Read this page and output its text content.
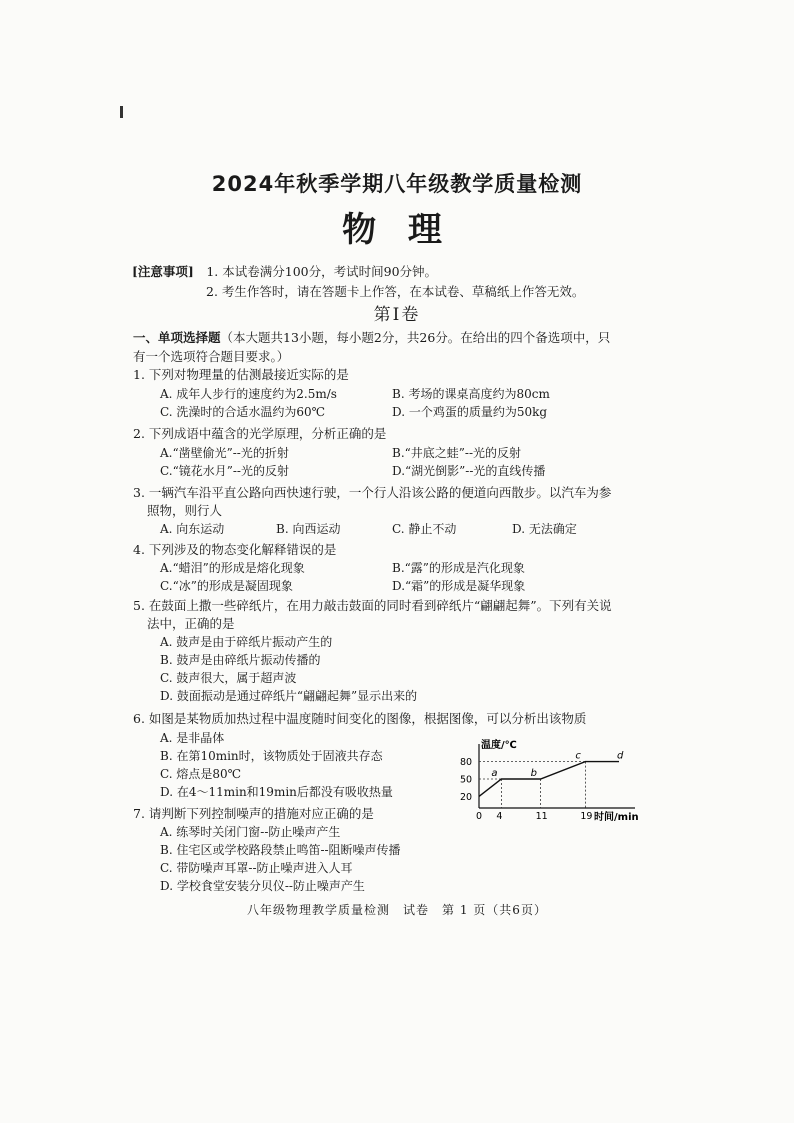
2024年秋季学期八年级教学质量检测
物 理
[注意事项]　 1. 本试卷满分100分，考试时间90分钟。
2. 考生作答时，请在答题卡上作答，在本试卷、草稿纸上作答无效。
第Ⅰ卷
一、单项选择题（本大题共13小题，每小题2分，共26分。在给出的四个备选项中，只
有一个选项符合题目要求。）
1. 下列对物理量的估测最接近实际的是
A. 成年人步行的速度约为2.5m/s	B. 考场的课桌高度约为80cm
C. 洗澡时的合适水温约为60℃	D. 一个鸡蛋的质量约为50kg
2. 下列成语中蕴含的光学原理，分析正确的是
A.“凿壁偷光”--光的折射	B.“井底之蛙”--光的反射
C.“镜花水月”--光的反射	D.“湖光倒影”--光的直线传播
3. 一辆汽车沿平直公路向西快速行驶，一个行人沿该公路的便道向西散步。以汽车为参
照物，则行人
A. 向东运动	B. 向西运动	C. 静止不动	D. 无法确定
4. 下列涉及的物态变化解释错误的是
A.“蜡泪”的形成是熔化现象	B.“露”的形成是汽化现象
C.“冰”的形成是凝固现象	D.“霜”的形成是凝华现象
5. 在鼓面上撒一些碎纸片，在用力敲击鼓面的同时看到碎纸片“翩翩起舞”。下列有关说
法中，正确的是
A. 鼓声是由于碎纸片振动产生的
B. 鼓声是由碎纸片振动传播的
C. 鼓声很大，属于超声波
D. 鼓面振动是通过碎纸片“翩翩起舞”显示出来的
6. 如图是某物质加热过程中温度随时间变化的图像，根据图像，可以分析出该物质
A. 是非晶体
B. 在第10min时，该物质处于固液共存态
C. 熔点是80℃
D. 在4～11min和19min后都没有吸收热量
温度/℃
时间/min
80
50
20
0 4	11	19
a	b
c	d
7. 请判断下列控制噪声的措施对应正确的是
A. 练琴时关闭门窗--防止噪声产生
B. 住宅区或学校路段禁止鸣笛--阻断噪声传播
C. 带防噪声耳罩--防止噪声进入人耳
D. 学校食堂安装分贝仪--防止噪声产生
八年级物理教学质量检测　试卷　第 1 页（共6页）
